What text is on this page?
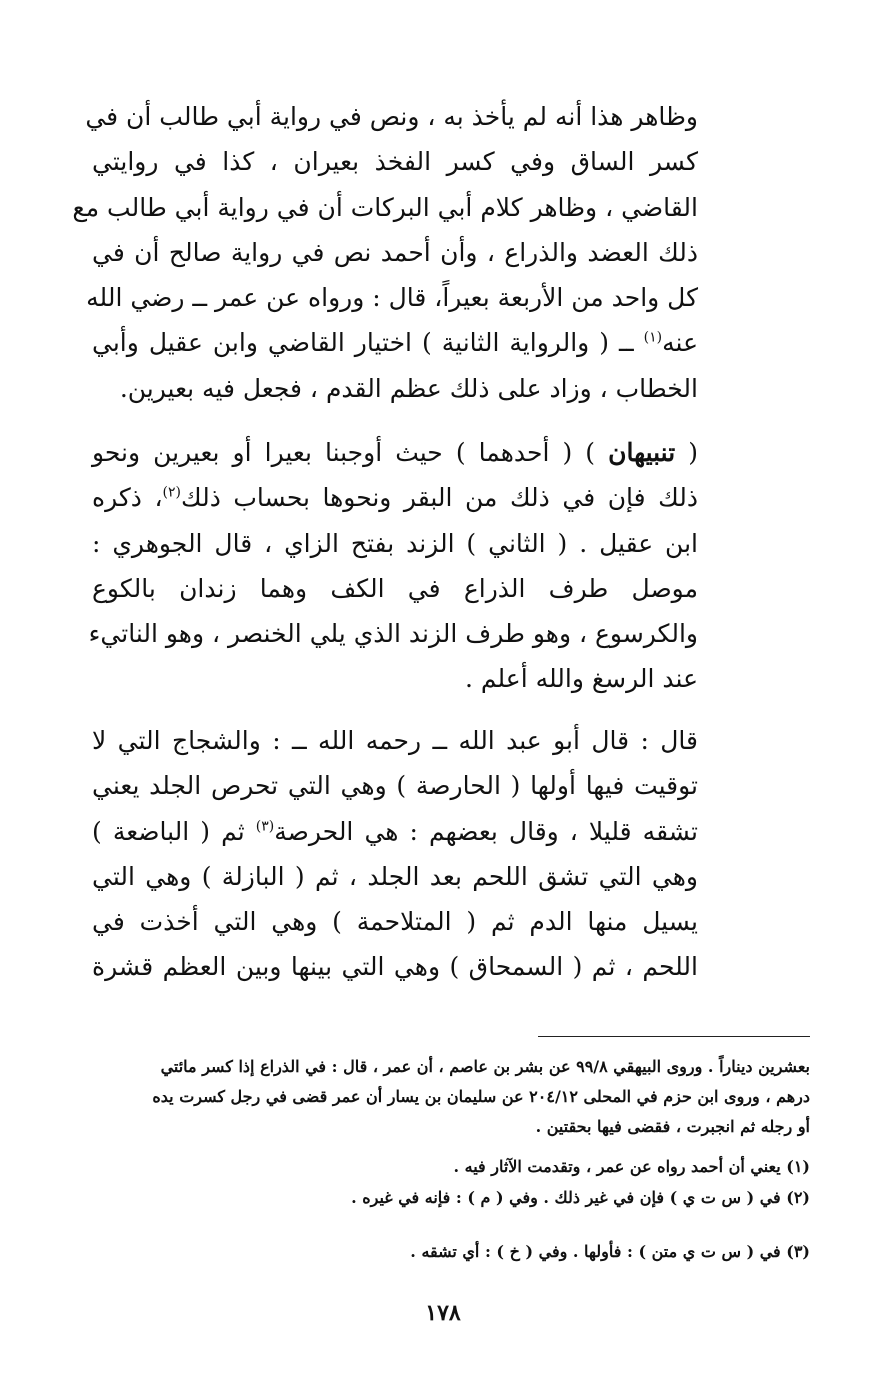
وظاهر هذا أنه لم يأخذ به ، ونص في رواية أبي طالب أن في
كسر الساق وفي كسر الفخذ بعيران ، كذا في روايتي
القاضي ، وظاهر كلام أبي البركات أن في رواية أبي طالب مع
ذلك العضد والذراع ، وأن أحمد نص في رواية صالح أن في
كل واحد من الأربعة بعيراً، قال : ورواه عن عمر ــ رضي الله
عنه$^{(١)}$ ــ ( والرواية الثانية ) اختيار القاضي وابن عقيل وأبي
الخطاب ، وزاد على ذلك عظم القدم ، فجعل فيه بعيرين.
( تنبيهان ) ( أحدهما ) حيث أوجبنا بعيرا أو بعيرين ونحو
ذلك فإن في ذلك من البقر ونحوها بحساب ذلك$^{(٢)}$، ذكره
ابن عقيل . ( الثاني ) الزند بفتح الزاي ، قال الجوهري :
موصل طرف الذراع في الكف وهما زندان بالكوع
والكرسوع ، وهو طرف الزند الذي يلي الخنصر ، وهو الناتيء
عند الرسغ والله أعلم .
قال : قال أبو عبد الله ــ رحمه الله ــ : والشجاج التي لا
توقيت فيها أولها ( الحارصة ) وهي التي تحرص الجلد يعني
تشقه قليلا ، وقال بعضهم : هي الحرصة$^{(٣)}$ ثم ( الباضعة )
وهي التي تشق اللحم بعد الجلد ، ثم ( البازلة ) وهي التي
يسيل منها الدم ثم ( المتلاحمة ) وهي التي أخذت في
اللحم ، ثم ( السمحاق ) وهي التي بينها وبين العظم قشرة
بعشرين ديناراً . وروى البيهقي ٩٩/٨ عن بشر بن عاصم ، أن عمر ، قال : في الذراع إذا كسر مائتي
درهم ، وروى ابن حزم في المحلى ٢٠٤/١٢ عن سليمان بن يسار أن عمر قضى في رجل كسرت يده
أو رجله ثم انجبرت ، فقضى فيها بحقتين .
(١) يعني أن أحمد رواه عن عمر ، وتقدمت الآثار فيه .
(٢) في ( س ت ي ) فإن في غير ذلك . وفي ( م ) : فإنه في غيره .
(٣) في ( س ت ي متن ) : فأولها . وفي ( خ ) : أي تشقه .
١٧٨
